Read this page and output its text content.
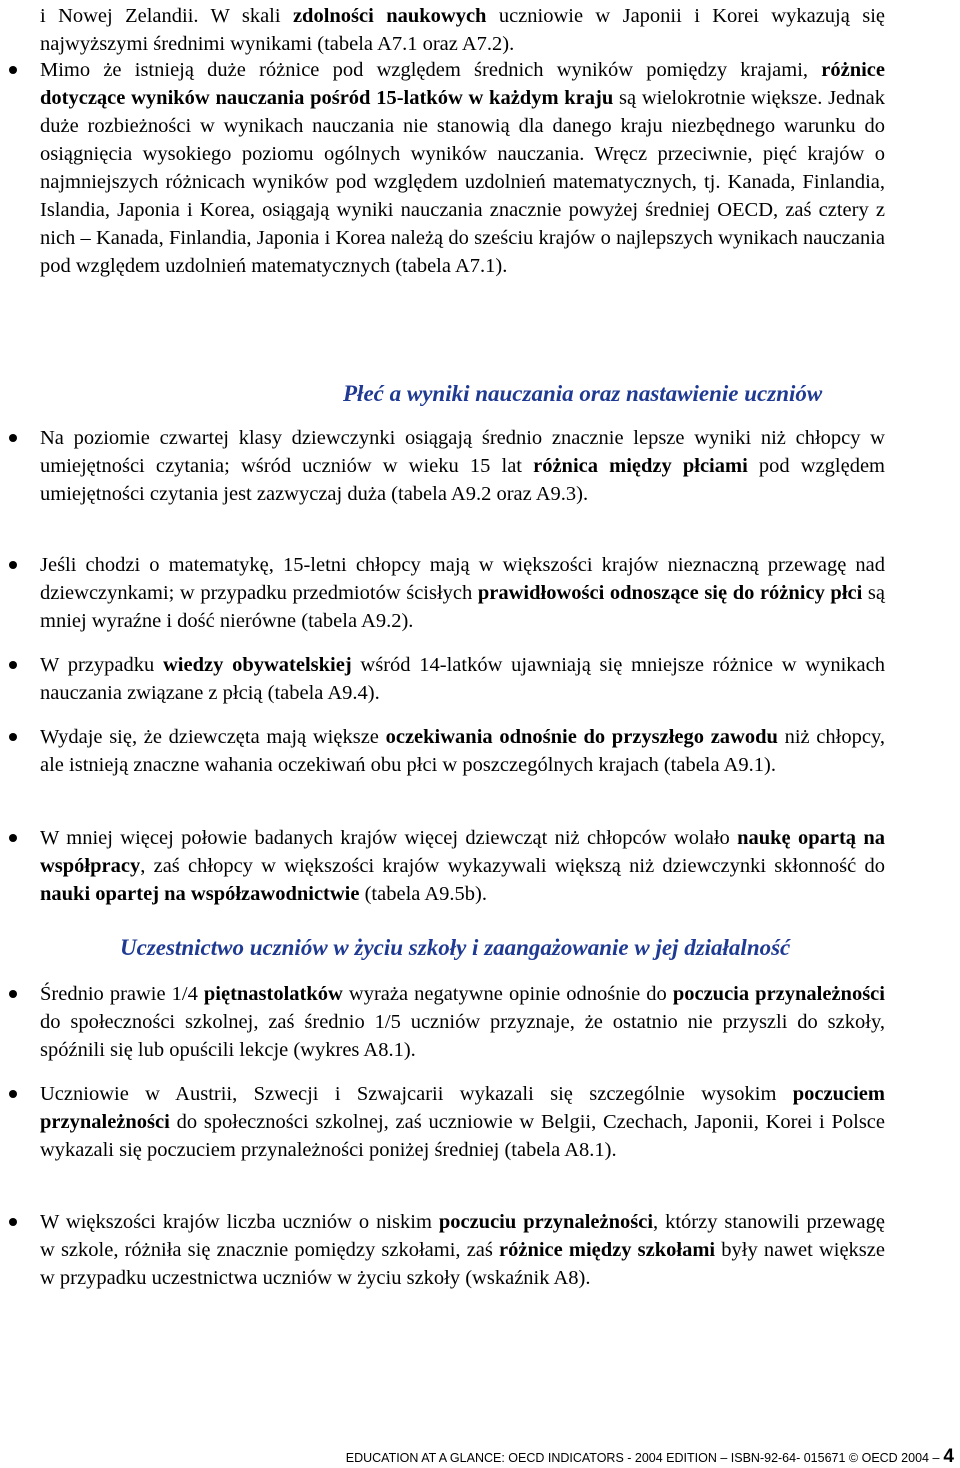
i Nowej Zelandii. W skali zdolności naukowych uczniowie w Japonii i Korei wykazują się najwyższymi średnimi wynikami (tabela A7.1 oraz A7.2).

Mimo że istnieją duże różnice pod względem średnich wyników pomiędzy krajami, różnice dotyczące wyników nauczania pośród 15-latków w każdym kraju są wielokrotnie większe. Jednak duże rozbieżności w wynikach nauczania nie stanowią dla danego kraju niezbędnego warunku do osiągnięcia wysokiego poziomu ogólnych wyników nauczania. Wręcz przeciwnie, pięć krajów o najmniejszych różnicach wyników pod względem uzdolnień matematycznych, tj. Kanada, Finlandia, Islandia, Japonia i Korea, osiągają wyniki nauczania znacznie powyżej średniej OECD, zaś cztery z nich – Kanada, Finlandia, Japonia i Korea należą do sześciu krajów o najlepszych wynikach nauczania pod względem uzdolnień matematycznych (tabela A7.1).

Płeć a wyniki nauczania oraz nastawienie uczniów

Na poziomie czwartej klasy dziewczynki osiągają średnio znacznie lepsze wyniki niż chłopcy w umiejętności czytania; wśród uczniów w wieku 15 lat różnica między płciami pod względem umiejętności czytania jest zazwyczaj duża (tabela A9.2 oraz A9.3).

Jeśli chodzi o matematykę, 15-letni chłopcy mają w większości krajów nieznaczną przewagę nad dziewczynkami; w przypadku przedmiotów ścisłych prawidłowości odnoszące się do różnicy płci są mniej wyraźne i dość nierówne (tabela A9.2).

W przypadku wiedzy obywatelskiej wśród 14-latków ujawniają się mniejsze różnice w wynikach nauczania związane z płcią (tabela A9.4).

Wydaje się, że dziewczęta mają większe oczekiwania odnośnie do przyszłego zawodu niż chłopcy, ale istnieją znaczne wahania oczekiwań obu płci w poszczególnych krajach (tabela A9.1).

W mniej więcej połowie badanych krajów więcej dziewcząt niż chłopców wolało naukę opartą na współpracy, zaś chłopcy w większości krajów wykazywali większą niż dziewczynki skłonność do nauki opartej na współzawodnictwie (tabela A9.5b).

Uczestnictwo uczniów w życiu szkoły i zaangażowanie w jej działalność

Średnio prawie 1/4 piętnastolatków wyraża negatywne opinie odnośnie do poczucia przynależności do społeczności szkolnej, zaś średnio 1/5 uczniów przyznaje, że ostatnio nie przyszli do szkoły, spóźnili się lub opuścili lekcje (wykres A8.1).

Uczniowie w Austrii, Szwecji i Szwajcarii wykazali się szczególnie wysokim poczuciem przynależności do społeczności szkolnej, zaś uczniowie w Belgii, Czechach, Japonii, Korei i Polsce wykazali się poczuciem przynależności poniżej średniej (tabela A8.1).

W większości krajów liczba uczniów o niskim poczuciu przynależności, którzy stanowili przewagę w szkole, różniła się znacznie pomiędzy szkołami, zaś różnice między szkołami były nawet większe w przypadku uczestnictwa uczniów w życiu szkoły (wskaźnik A8).

EDUCATION AT A GLANCE: OECD INDICATORS - 2004 EDITION – ISBN-92-64- 015671 © OECD 2004 – 4
